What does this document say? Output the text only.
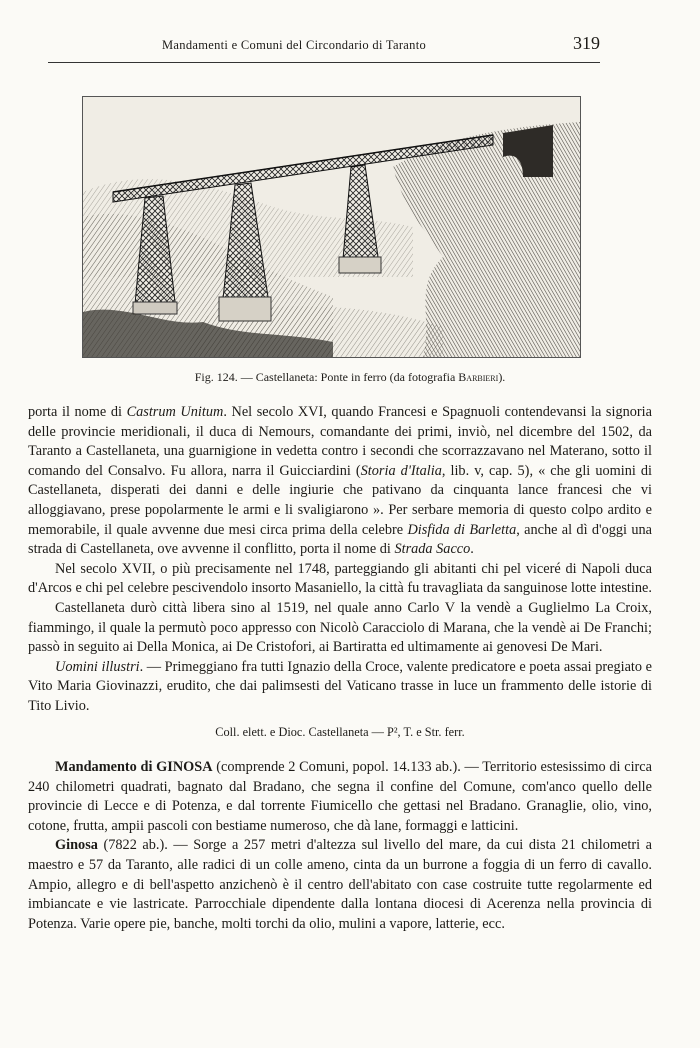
Mandamenti e Comuni del Circondario di Taranto	319
Fig. 124. — Castellaneta: Ponte in ferro (da fotografia Barbieri).

porta il nome di Castrum Unitum. Nel secolo XVI, quando Francesi e Spagnuoli contendevansi la signoria delle provincie meridionali, il duca di Nemours, comandante dei primi, inviò, nel dicembre del 1502, da Taranto a Castellaneta, una guarnigione in vedetta contro i secondi che scorrazzavano nel Materano, sotto il comando del Consalvo. Fu allora, narra il Guicciardini (Storia d'Italia, lib. v, cap. 5), « che gli uomini di Castellaneta, disperati dei danni e delle ingiurie che pativano da cinquanta lance francesi che vi alloggiavano, prese popolarmente le armi e li svaligiarono ». Per serbare memoria di questo colpo ardito e memorabile, il quale avvenne due mesi circa prima della celebre Disfida di Barletta, anche al dì d'oggi una strada di Castellaneta, ove avvenne il conflitto, porta il nome di Strada Sacco.

Nel secolo XVII, o più precisamente nel 1748, parteggiando gli abitanti chi pel viceré di Napoli duca d'Arcos e chi pel celebre pescivendolo insorto Masaniello, la città fu travagliata da sanguinose lotte intestine.

Castellaneta durò città libera sino al 1519, nel quale anno Carlo V la vendè a Guglielmo La Croix, fiammingo, il quale la permutò poco appresso con Nicolò Caracciolo di Marana, che la vendè ai De Franchi; passò in seguito ai Della Monica, ai De Cristofori, ai Bartiratta ed ultimamente ai genovesi De Mari.

Uomini illustri. — Primeggiano fra tutti Ignazio della Croce, valente predicatore e poeta assai pregiato e Vito Maria Giovinazzi, erudito, che dai palimsesti del Vaticano trasse in luce un frammento delle istorie di Tito Livio.

Coll. elett. e Dioc. Castellaneta — P², T. e Str. ferr.

Mandamento di GINOSA (comprende 2 Comuni, popol. 14.133 ab.). — Territorio estesissimo di circa 240 chilometri quadrati, bagnato dal Bradano, che segna il confine del Comune, com'anco quello delle provincie di Lecce e di Potenza, e dal torrente Fiumicello che gettasi nel Bradano. Granaglie, olio, vino, cotone, frutta, ampii pascoli con bestiame numeroso, che dà lane, formaggi e latticini.

Ginosa (7822 ab.). — Sorge a 257 metri d'altezza sul livello del mare, da cui dista 21 chilometri a maestro e 57 da Taranto, alle radici di un colle ameno, cinta da un burrone a foggia di un ferro di cavallo. Ampio, allegro e di bell'aspetto anzichenò è il centro dell'abitato con case costruite tutte regolarmente ed imbiancate e vie lastricate. Parrocchiale dipendente dalla lontana diocesi di Acerenza nella provincia di Potenza. Varie opere pie, banche, molti torchi da olio, mulini a vapore, latterie, ecc.
